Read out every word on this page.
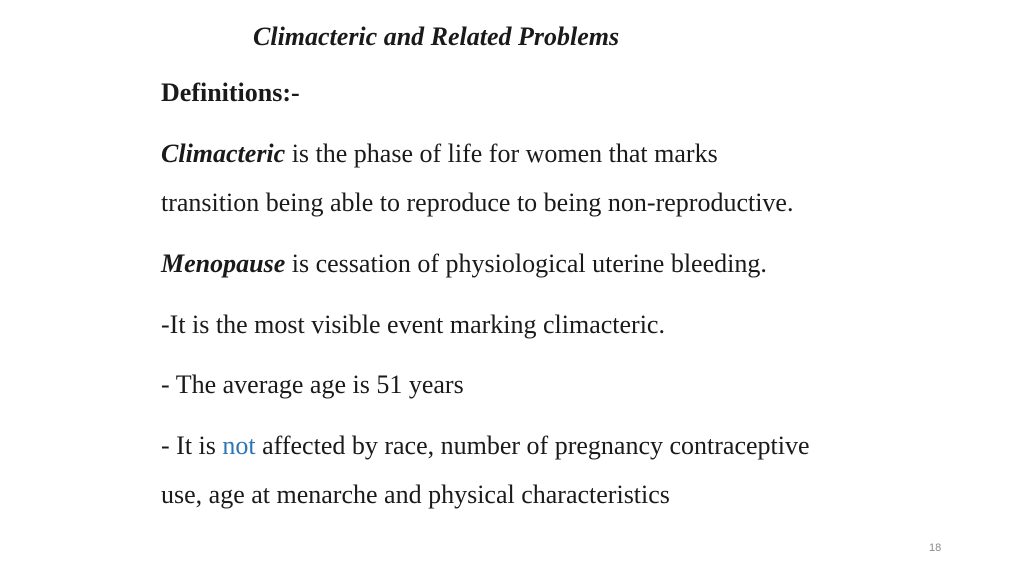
Climacteric and Related Problems
Definitions:-
Climacteric is the phase of life for women that marks
transition being able to reproduce to being non-reproductive.
Menopause is cessation of physiological uterine bleeding.
-It is the most visible event marking climacteric.
- The average age is 51 years
- It is not affected by race, number of pregnancy contraceptive
use, age at menarche and physical characteristics
18
